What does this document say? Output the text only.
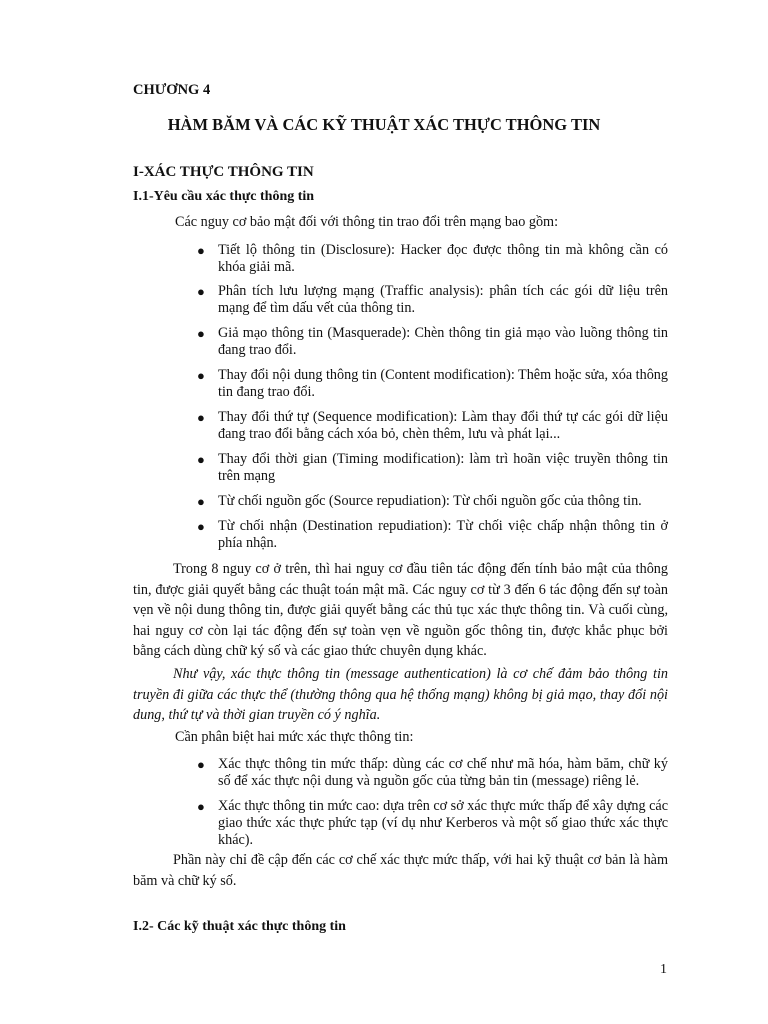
CHƯƠNG 4

HÀM BĂM VÀ CÁC KỸ THUẬT XÁC THỰC THÔNG TIN

I-XÁC THỰC THÔNG TIN

I.1-Yêu cầu xác thực thông tin

Các nguy cơ bảo mật đối với thông tin trao đổi trên mạng bao gồm:

● Tiết lộ thông tin (Disclosure): Hacker đọc được thông tin mà không cần có khóa giải mã.
● Phân tích lưu lượng mạng (Traffic analysis): phân tích các gói dữ liệu trên mạng để tìm dấu vết của thông tin.
● Giả mạo thông tin (Masquerade): Chèn thông tin giả mạo vào luồng thông tin đang trao đổi.
● Thay đổi nội dung thông tin (Content modification): Thêm hoặc sửa, xóa thông tin đang trao đổi.
● Thay đổi thứ tự (Sequence modification): Làm thay đổi thứ tự các gói dữ liệu đang trao đổi bằng cách xóa bỏ, chèn thêm, lưu và phát lại...
● Thay đổi thời gian (Timing modification): làm trì hoãn việc truyền thông tin trên mạng
● Từ chối nguồn gốc (Source repudiation): Từ chối nguồn gốc của thông tin.
● Từ chối nhận (Destination repudiation): Từ chối việc chấp nhận thông tin ở phía nhận.

Trong 8 nguy cơ ở trên, thì hai nguy cơ đầu tiên tác động đến tính bảo mật của thông tin, được giải quyết bằng các thuật toán mật mã. Các nguy cơ từ 3 đến 6 tác động đến sự toàn vẹn về nội dung thông tin, được giải quyết bằng các thủ tục xác thực thông tin. Và cuối cùng, hai nguy cơ còn lại tác động đến sự toàn vẹn về nguồn gốc thông tin, được khắc phục bởi bằng cách dùng chữ ký số và các giao thức chuyên dụng khác.

Như vậy, xác thực thông tin (message authentication) là cơ chế đảm bảo thông tin truyền đi giữa các thực thể (thường thông qua hệ thống mạng) không bị giả mạo, thay đổi nội dung, thứ tự và thời gian truyền có ý nghĩa.

Cần phân biệt hai mức xác thực thông tin:

● Xác thực thông tin mức thấp: dùng các cơ chế như mã hóa, hàm băm, chữ ký số để xác thực nội dung và nguồn gốc của từng bản tin (message) riêng lẻ.
● Xác thực thông tin mức cao: dựa trên cơ sở xác thực mức thấp để xây dựng các giao thức xác thực phức tạp (ví dụ như Kerberos và một số giao thức xác thực khác).

Phần này chỉ đề cập đến các cơ chế xác thực mức thấp, với hai kỹ thuật cơ bản là hàm băm và chữ ký số.

I.2- Các kỹ thuật xác thực thông tin

1
